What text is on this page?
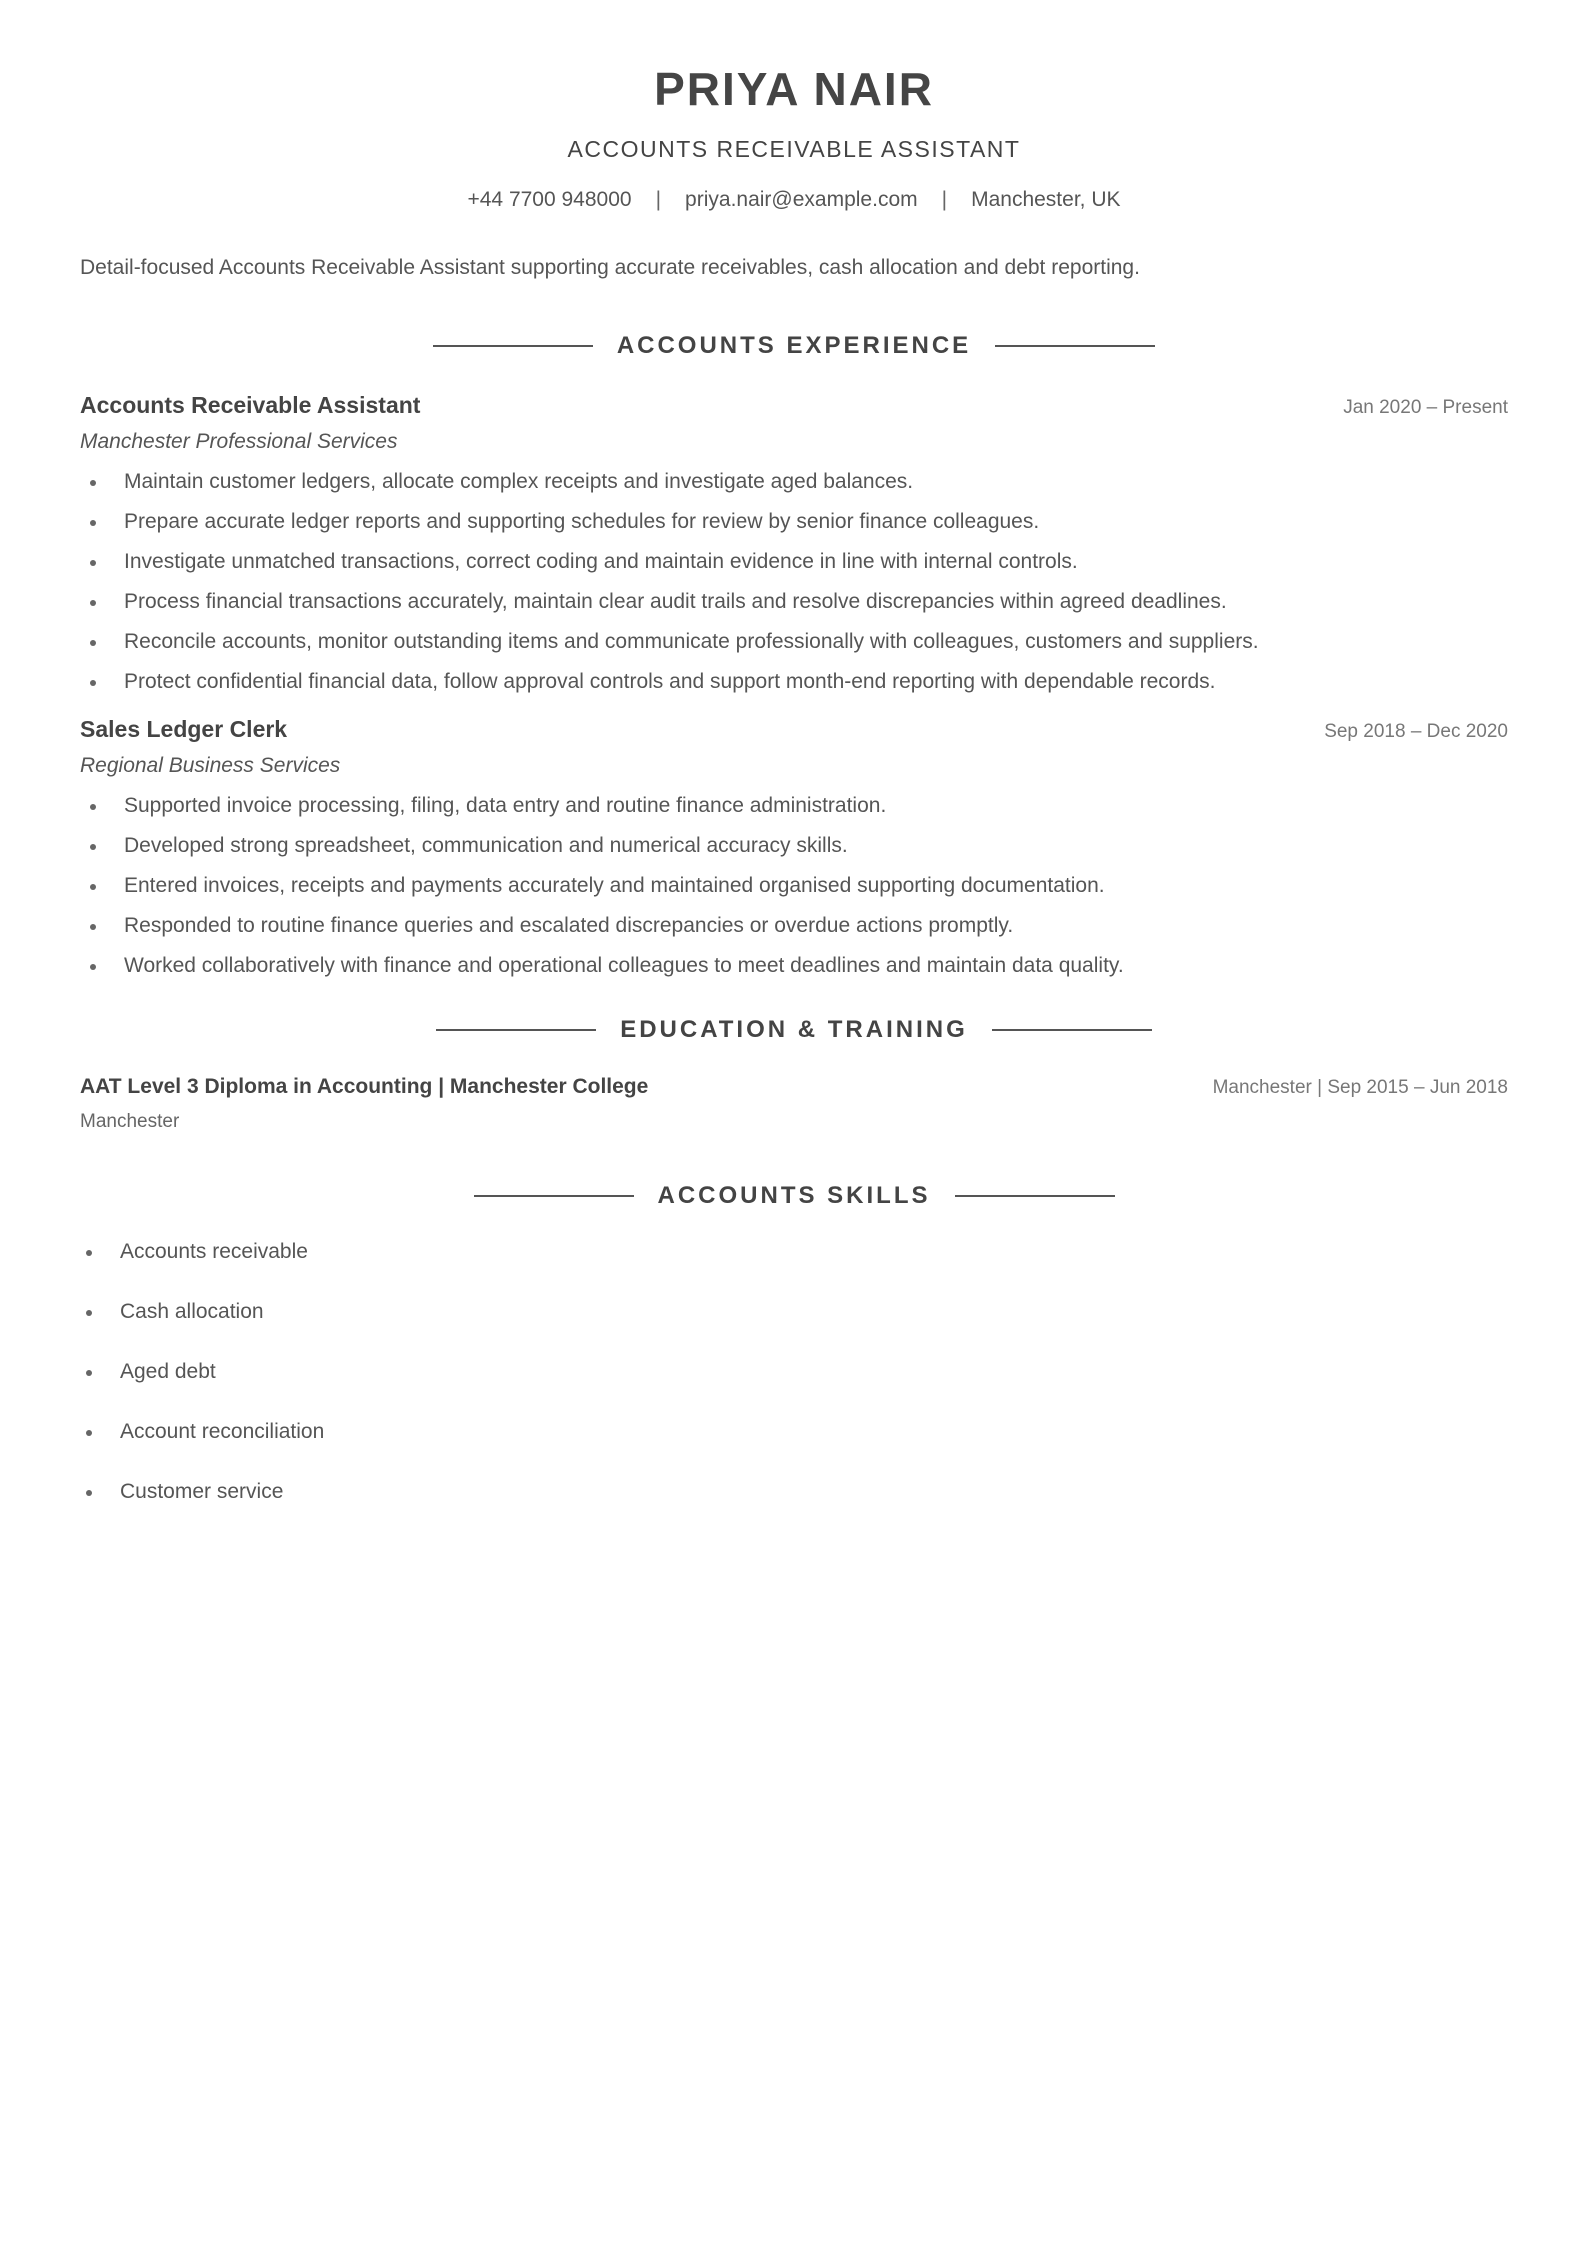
PRIYA NAIR
ACCOUNTS RECEIVABLE ASSISTANT
+44 7700 948000 | priya.nair@example.com | Manchester, UK

Detail-focused Accounts Receivable Assistant supporting accurate receivables, cash allocation and debt reporting.

ACCOUNTS EXPERIENCE
Accounts Receivable Assistant	Jan 2020 – Present
Manchester Professional Services
Maintain customer ledgers, allocate complex receipts and investigate aged balances.
Prepare accurate ledger reports and supporting schedules for review by senior finance colleagues.
Investigate unmatched transactions, correct coding and maintain evidence in line with internal controls.
Process financial transactions accurately, maintain clear audit trails and resolve discrepancies within agreed deadlines.
Reconcile accounts, monitor outstanding items and communicate professionally with colleagues, customers and suppliers.
Protect confidential financial data, follow approval controls and support month-end reporting with dependable records.
Sales Ledger Clerk	Sep 2018 – Dec 2020
Regional Business Services
Supported invoice processing, filing, data entry and routine finance administration.
Developed strong spreadsheet, communication and numerical accuracy skills.
Entered invoices, receipts and payments accurately and maintained organised supporting documentation.
Responded to routine finance queries and escalated discrepancies or overdue actions promptly.
Worked collaboratively with finance and operational colleagues to meet deadlines and maintain data quality.
EDUCATION & TRAINING
AAT Level 3 Diploma in Accounting | Manchester College	Manchester | Sep 2015 – Jun 2018
Manchester
ACCOUNTS SKILLS
Accounts receivable
Cash allocation
Aged debt
Account reconciliation
Customer service
